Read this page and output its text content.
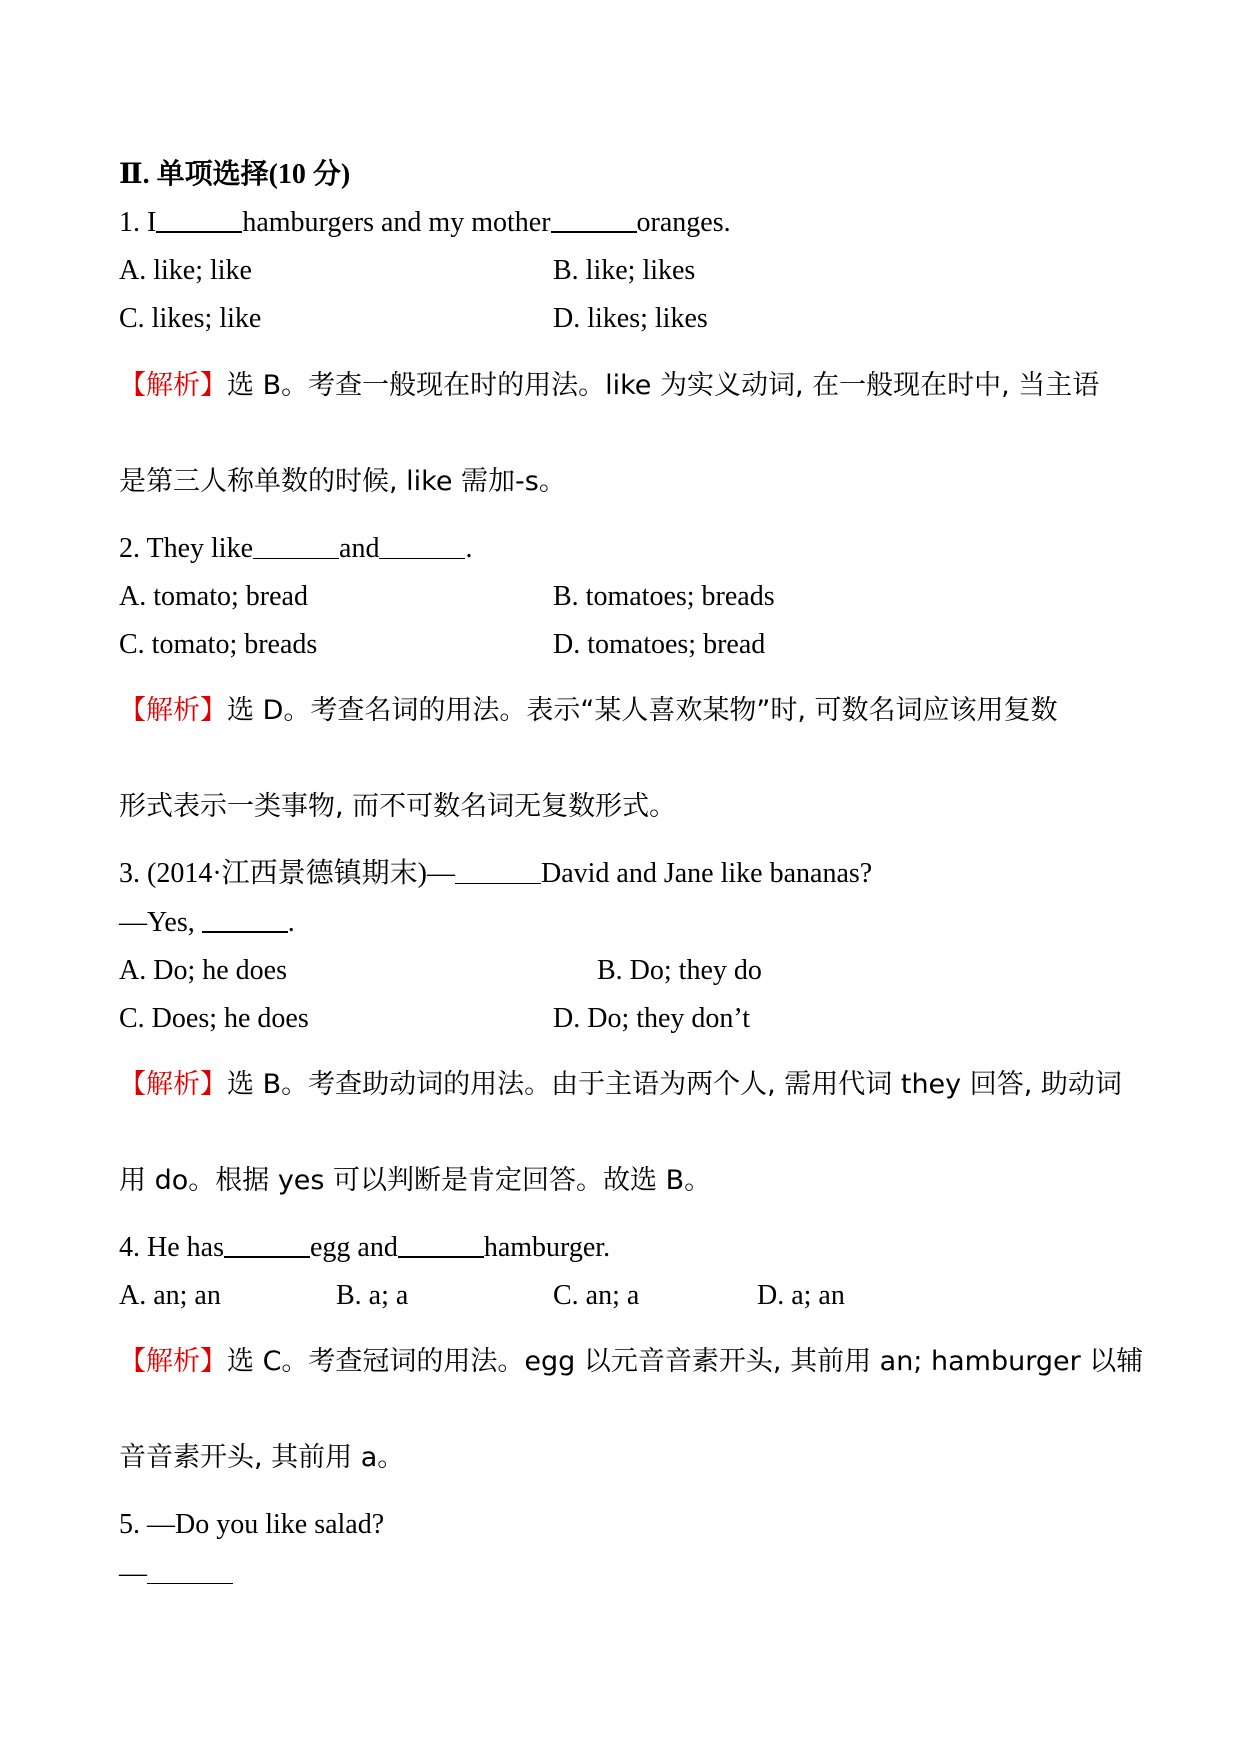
Ⅱ. 单项选择(10 分)
1. I	hamburgers and my mother	oranges.
A. like; like	B. like; likes
C. likes; like	D. likes; likes
【解析】选 B。考查一般现在时的用法。like 为实义动词, 在一般现在时中, 当主语
是第三人称单数的时候, like 需加-s。
2. They like	and	.
A. tomato; bread	B. tomatoes; breads
C. tomato; breads	D. tomatoes; bread
【解析】选 D。考查名词的用法。表示“某人喜欢某物”时, 可数名词应该用复数
形式表示一类事物, 而不可数名词无复数形式。
3. (2014·江西景德镇期末)—	David and Jane like bananas?
—Yes,	.
A. Do; he does	B. Do; they do
C. Does; he does	D. Do; they don’t
【解析】选 B。考查助动词的用法。由于主语为两个人, 需用代词 they 回答, 助动词
用 do。根据 yes 可以判断是肯定回答。故选 B。
4. He has	egg and	hamburger.
A. an; an	B. a; a	C. an; a	D. a; an
【解析】选 C。考查冠词的用法。egg 以元音音素开头, 其前用 an; hamburger 以辅
音音素开头, 其前用 a。
5. —Do you like salad?
—
